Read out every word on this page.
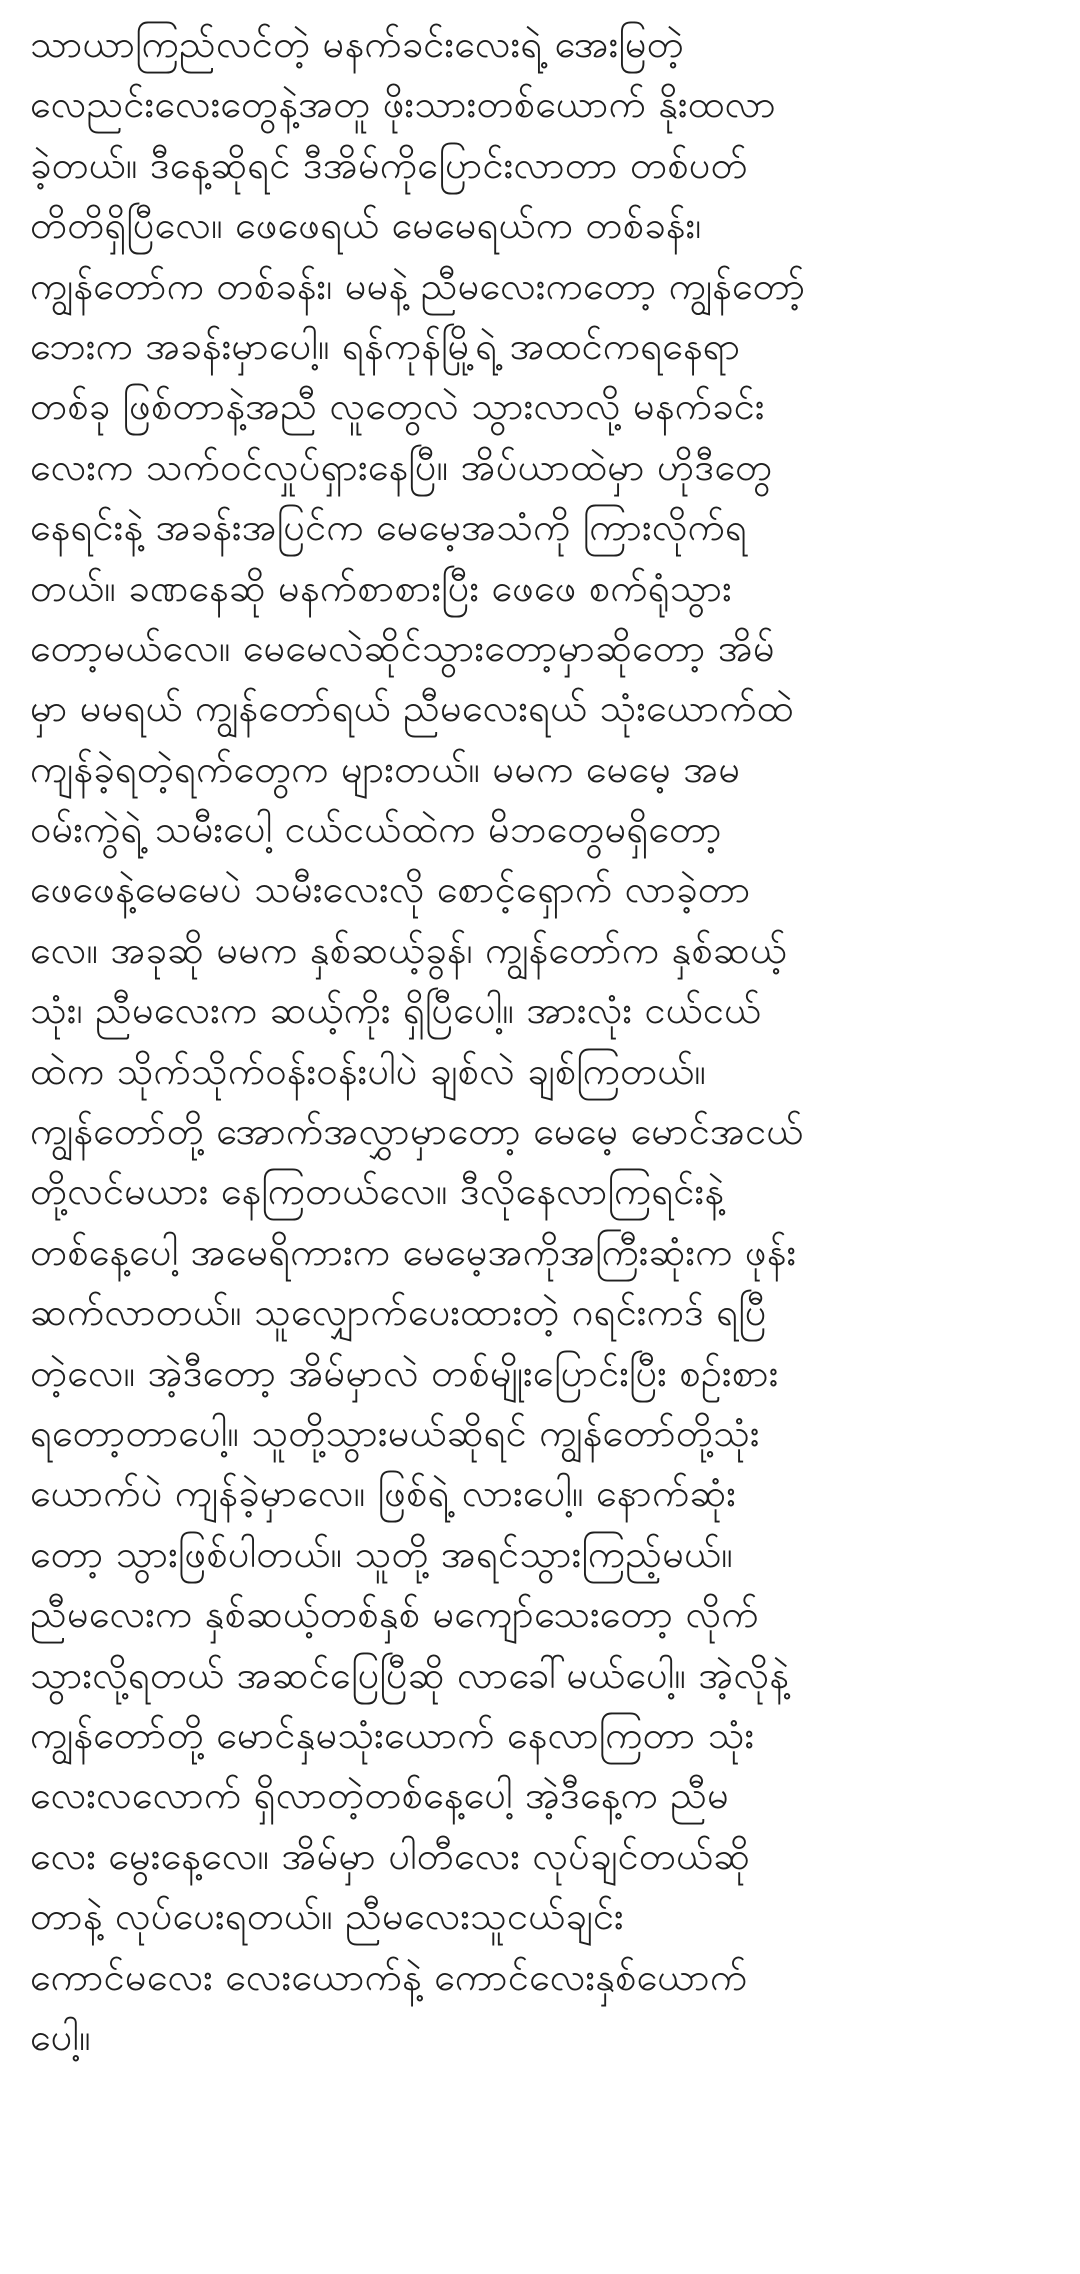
သာယာကြည်လင်တဲ့ မနက်ခင်းလေးရဲ့ အေးမြတဲ့
လေညင်းလေးတွေနဲ့အတူ ဖိုးသားတစ်ယောက် နိုးထလာ
ခဲ့တယ်။ ဒီနေ့ဆိုရင် ဒီအိမ်ကိုပြောင်းလာတာ တစ်ပတ်
တိတိရှိပြီလေ။ ဖေဖေရယ် မေမေရယ်က တစ်ခန်း၊
ကျွန်တော်က တစ်ခန်း၊ မမနဲ့ ညီမလေးကတော့ ကျွန်တော့်
ဘေးက အခန်းမှာပေါ့။ ရန်ကုန်မြို့ရဲ့ အထင်ကရနေရာ
တစ်ခု ဖြစ်တာနဲ့အညီ လူတွေလဲ သွားလာလို့ မနက်ခင်း
လေးက သက်ဝင်လှုပ်ရှားနေပြီ။ အိပ်ယာထဲမှာ ဟိုဒီတွေ
နေရင်းနဲ့ အခန်းအပြင်က မေမေ့အသံကို ကြားလိုက်ရ
တယ်။ ခဏနေဆို မနက်စာစားပြီး ဖေဖေ စက်ရုံသွား
တော့မယ်လေ။ မေမေလဲဆိုင်သွားတော့မှာဆိုတော့ အိမ်
မှာ မမရယ် ကျွန်တော်ရယ် ညီမလေးရယ် သုံးယောက်ထဲ
ကျန်ခဲ့ရတဲ့ရက်တွေက များတယ်။ မမက မေမေ့ အမ
ဝမ်းကွဲရဲ့ သမီးပေါ့ ငယ်ငယ်ထဲက မိဘတွေမရှိတော့
ဖေဖေနဲ့မေမေပဲ သမီးလေးလို စောင့်ရှောက် လာခဲ့တာ
လေ။ အခုဆို မမက နှစ်ဆယ့်ခွန်၊ ကျွန်တော်က နှစ်ဆယ့်
သုံး၊ ညီမလေးက ဆယ့်ကိုး ရှိပြီပေါ့။ အားလုံး ငယ်ငယ်
ထဲက သိုက်သိုက်ဝန်းဝန်းပါပဲ ချစ်လဲ ချစ်ကြတယ်။
ကျွန်တော်တို့ အောက်အလွှာမှာတော့ မေမေ့ မောင်အငယ်
တို့လင်မယား နေကြတယ်လေ။ ဒီလိုနေလာကြရင်းနဲ့
တစ်နေ့ပေါ့ အမေရိကားက မေမေ့အကိုအကြီးဆုံးက ဖုန်း
ဆက်လာတယ်။ သူလျှောက်ပေးထားတဲ့ ဂရင်းကဒ် ရပြီ
တဲ့လေ။ အဲ့ဒီတော့ အိမ်မှာလဲ တစ်မျိုးပြောင်းပြီး စဉ်းစား
ရတော့တာပေါ့။ သူတို့သွားမယ်ဆိုရင် ကျွန်တော်တို့သုံး
ယောက်ပဲ ကျန်ခဲ့မှာလေ။ ဖြစ်ရဲ့ လားပေါ့။ နောက်ဆုံး
တော့ သွားဖြစ်ပါတယ်။ သူတို့ အရင်သွားကြည့်မယ်။
ညီမလေးက နှစ်ဆယ့်တစ်နှစ် မကျော်သေးတော့ လိုက်
သွားလို့ရတယ် အဆင်ပြေပြီဆို လာခေါ်မယ်ပေါ့။ အဲ့လိုနဲ့
ကျွန်တော်တို့ မောင်နှမသုံးယောက် နေလာကြတာ သုံး
လေးလလောက် ရှိလာတဲ့တစ်နေ့ပေါ့ အဲ့ဒီနေ့က ညီမ
လေး မွေးနေ့လေ။ အိမ်မှာ ပါတီလေး လုပ်ချင်တယ်ဆို
တာနဲ့ လုပ်ပေးရတယ်။ ညီမလေးသူငယ်ချင်း
ကောင်မလေး လေးယောက်နဲ့ ကောင်လေးနှစ်ယောက်
ပေါ့။
